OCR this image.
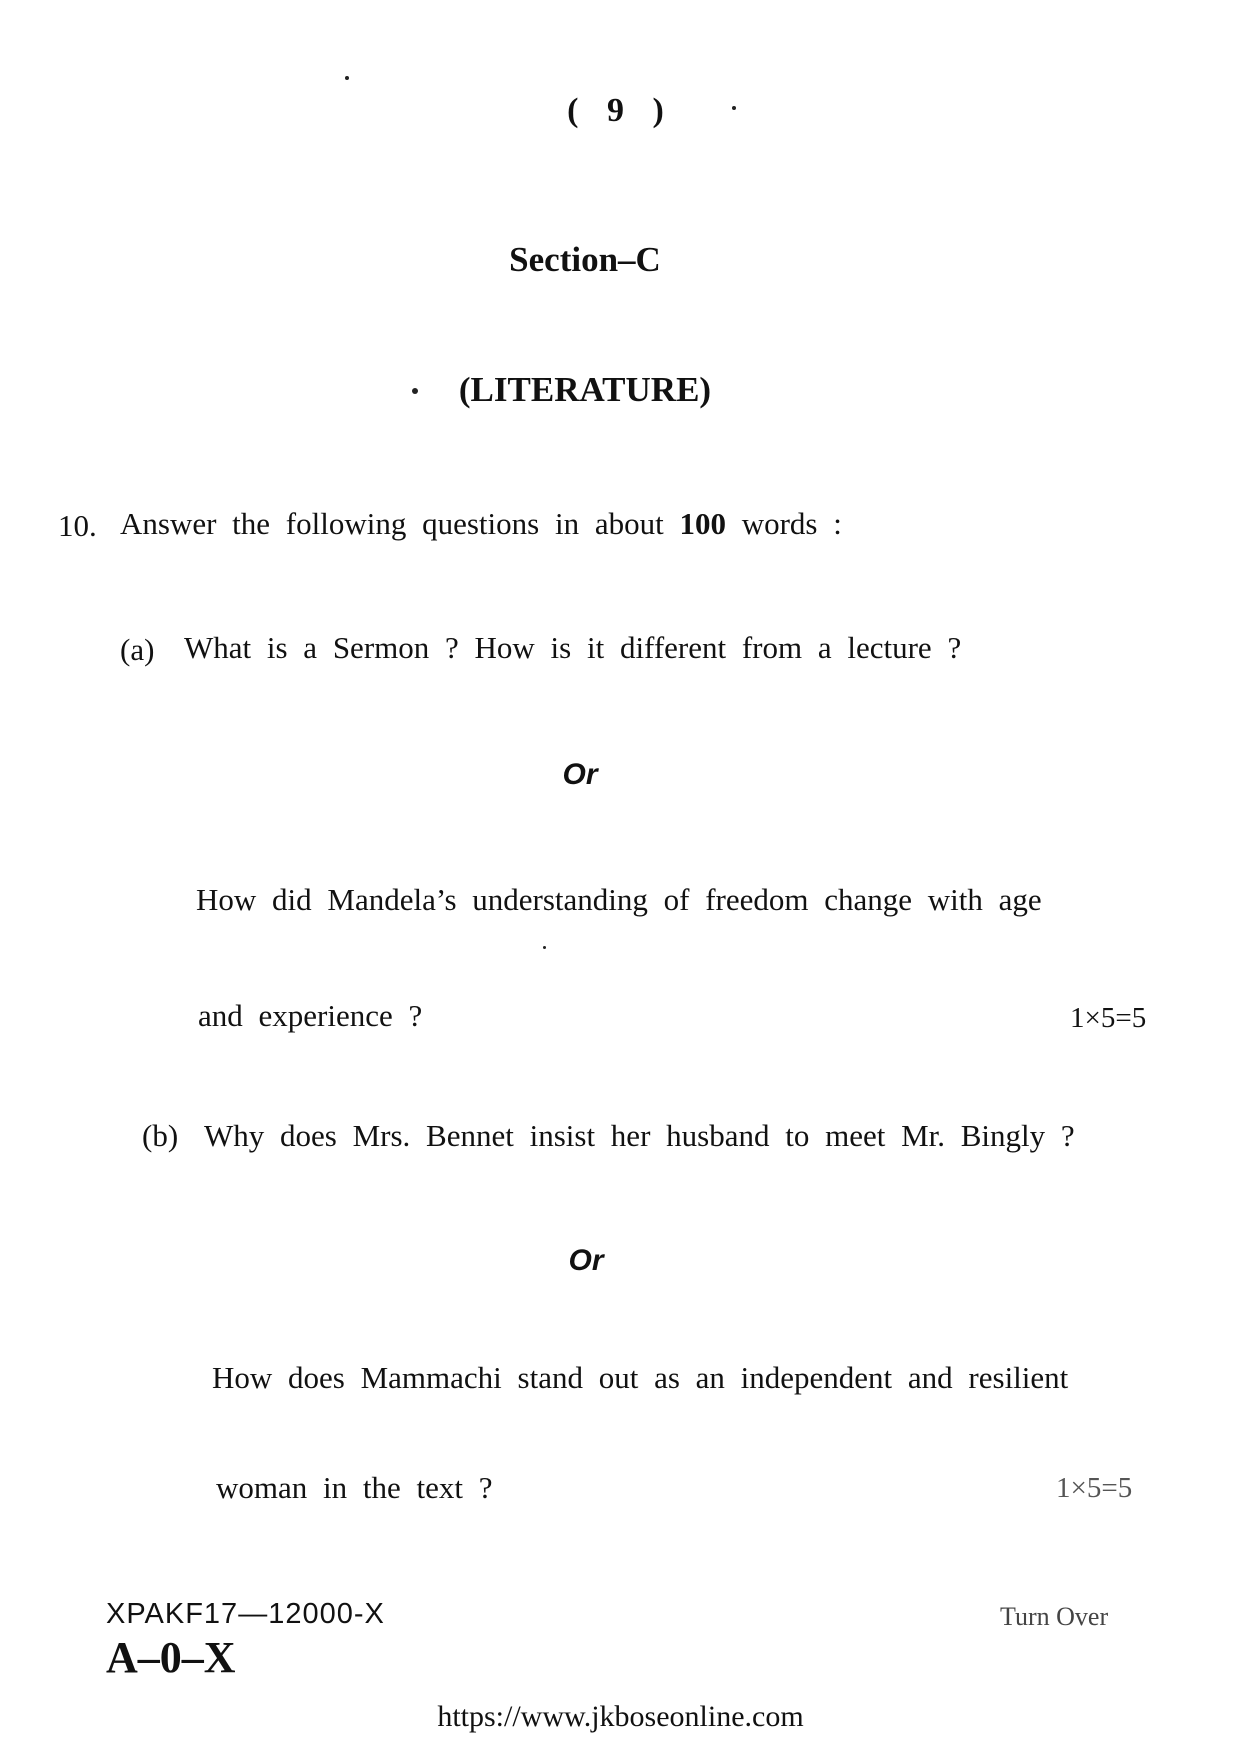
( 9 )
Section–C
(LITERATURE)
10. Answer the following questions in about 100 words :
(a) What is a Sermon ? How is it different from a lecture ?
Or
How did Mandela’s understanding of freedom change with age
and experience ?	1×5=5
(b) Why does Mrs. Bennet insist her husband to meet Mr. Bingly ?
Or
How does Mammachi stand out as an independent and resilient
woman in the text ?	1×5=5
XPAKF17—12000-X
A–0–X
Turn Over
https://www.jkboseonline.com
